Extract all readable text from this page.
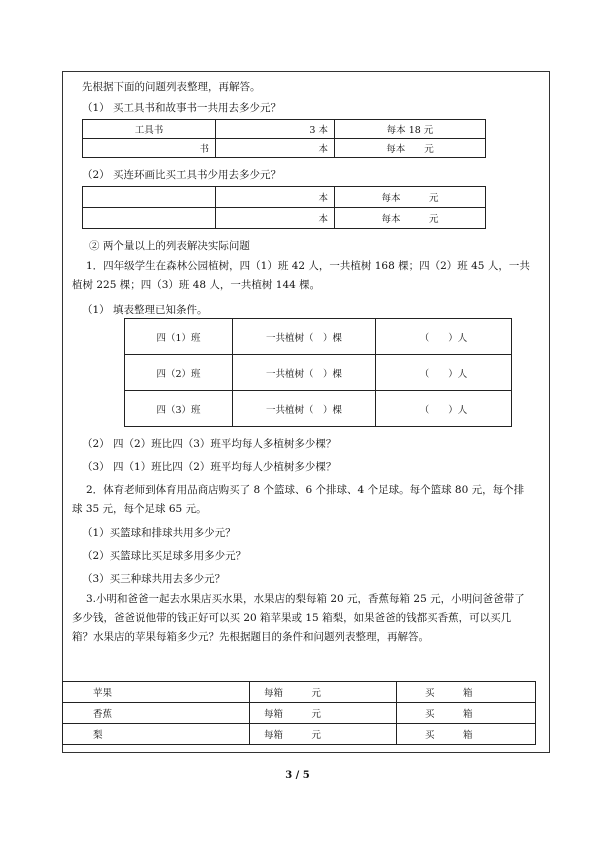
先根据下面的问题列表整理，再解答。
（1） 买工具书和故事书一共用去多少元？
工具书	3 本	每本 18 元
书	本	每本　　元
（2） 买连环画比买工具书少用去多少元？
	本	每本　　　元
	本	每本　　　元
② 两个量以上的列表解决实际问题
1．四年级学生在森林公园植树，四（1）班 42 人，一共植树 168 棵；四（2）班 45 人，一共植树 225 棵；四（3）班 48 人，一共植树 144 棵。
（1） 填表整理已知条件。
四（1）班	一共植树（　）棵	（　　）人
四（2）班	一共植树（　）棵	（　　）人
四（3）班	一共植树（　）棵	（　　）人
（2） 四（2）班比四（3）班平均每人多植树多少棵？
（3） 四（1）班比四（2）班平均每人少植树多少棵？
2．体育老师到体育用品商店购买了 8 个篮球、6 个排球、4 个足球。每个篮球 80 元，每个排球 35 元，每个足球 65 元。
（1）买篮球和排球共用多少元？
（2）买篮球比买足球多用多少元？
（3）买三种球共用去多少元？
3.小明和爸爸一起去水果店买水果，水果店的梨每箱 20 元，香蕉每箱 25 元，小明问爸爸带了多少钱，爸爸说他带的钱正好可以买 20 箱苹果或 15 箱梨，如果爸爸的钱都买香蕉，可以买几箱？水果店的苹果每箱多少元？先根据题目的条件和问题列表整理，再解答。
苹果	每箱　　　元	买　　　箱
香蕉	每箱　　　元	买　　　箱
梨	每箱　　　元	买　　　箱
3 / 5
